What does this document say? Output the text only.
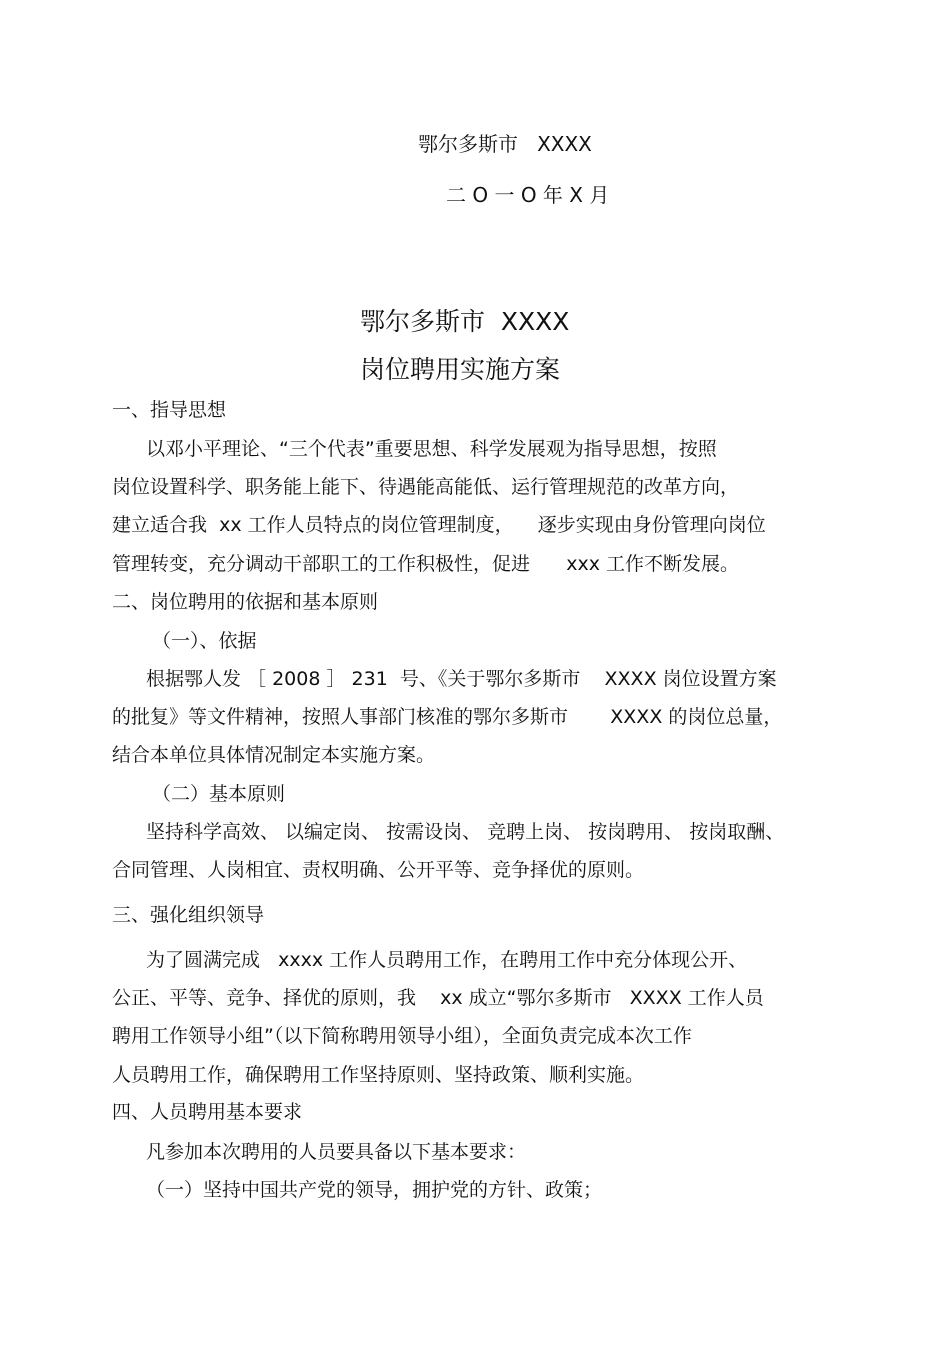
鄂尔多斯市   XXXX
二 O 一 O 年 X 月
鄂尔多斯市  XXXX
岗位聘用实施方案
一、指导思想
以邓小平理论、“三个代表”重要思想、科学发展观为指导思想，按照
岗位设置科学、职务能上能下、待遇能高能低、运行管理规范的改革方向，
建立适合我  xx 工作人员特点的岗位管理制度，    逐步实现由身份管理向岗位
管理转变，充分调动干部职工的工作积极性，促进      xxx 工作不断发展。
二、岗位聘用的依据和基本原则
（一）、依据
根据鄂人发 ［ 2008 ］ 231  号、《关于鄂尔多斯市    XXXX 岗位设置方案
的批复》等文件精神，按照人事部门核准的鄂尔多斯市       XXXX 的岗位总量，
结合本单位具体情况制定本实施方案。
（二）基本原则
坚持科学高效、 以编定岗、 按需设岗、 竞聘上岗、 按岗聘用、 按岗取酬、
合同管理、人岗相宜、责权明确、公开平等、竞争择优的原则。
三、强化组织领导
为了圆满完成   xxxx 工作人员聘用工作，在聘用工作中充分体现公开、
公正、平等、竞争、择优的原则，我    xx 成立“鄂尔多斯市   XXXX 工作人员
聘用工作领导小组”（以下简称聘用领导小组），全面负责完成本次工作
人员聘用工作，确保聘用工作坚持原则、坚持政策、顺利实施。
四、人员聘用基本要求
凡参加本次聘用的人员要具备以下基本要求：
（一）坚持中国共产党的领导，拥护党的方针、政策；
